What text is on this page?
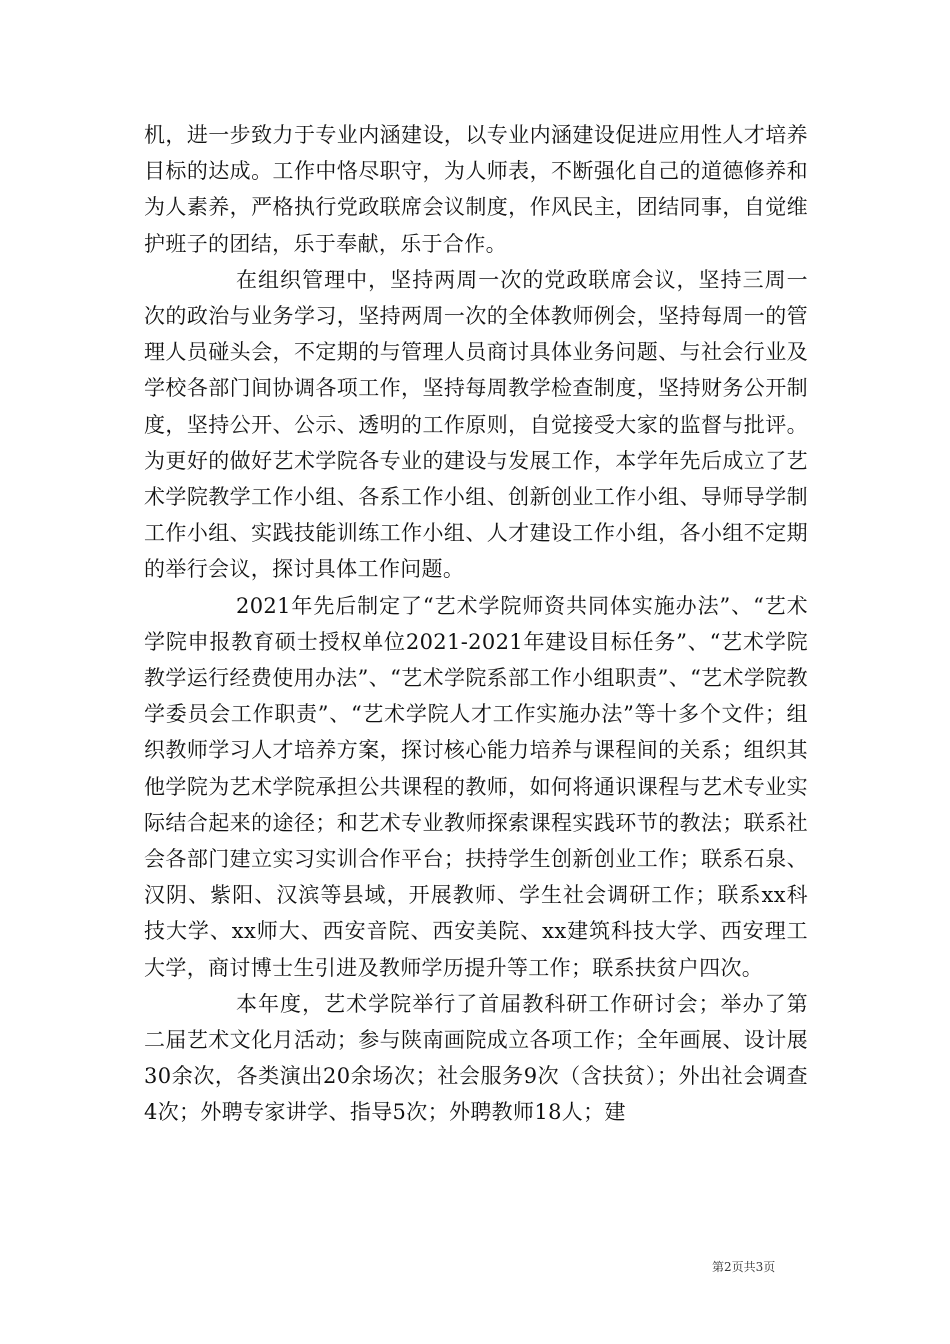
机，进一步致力于专业内涵建设，以专业内涵建设促进应用性人才培养目标的达成。工作中恪尽职守，为人师表，不断强化自己的道德修养和为人素养，严格执行党政联席会议制度，作风民主，团结同事，自觉维护班子的团结，乐于奉献，乐于合作。

在组织管理中，坚持两周一次的党政联席会议，坚持三周一次的政治与业务学习，坚持两周一次的全体教师例会，坚持每周一的管理人员碰头会，不定期的与管理人员商讨具体业务问题、与社会行业及学校各部门间协调各项工作，坚持每周教学检查制度，坚持财务公开制度，坚持公开、公示、透明的工作原则，自觉接受大家的监督与批评。为更好的做好艺术学院各专业的建设与发展工作，本学年先后成立了艺术学院教学工作小组、各系工作小组、创新创业工作小组、导师导学制工作小组、实践技能训练工作小组、人才建设工作小组，各小组不定期的举行会议，探讨具体工作问题。

2021年先后制定了“艺术学院师资共同体实施办法”、“艺术学院申报教育硕士授权单位2021-2021年建设目标任务”、“艺术学院教学运行经费使用办法”、“艺术学院系部工作小组职责”、“艺术学院教学委员会工作职责”、“艺术学院人才工作实施办法”等十多个文件；组织教师学习人才培养方案，探讨核心能力培养与课程间的关系；组织其他学院为艺术学院承担公共课程的教师，如何将通识课程与艺术专业实际结合起来的途径；和艺术专业教师探索课程实践环节的教法；联系社会各部门建立实习实训合作平台；扶持学生创新创业工作；联系石泉、汉阴、紫阳、汉滨等县域，开展教师、学生社会调研工作；联系xx科技大学、xx师大、西安音院、西安美院、xx建筑科技大学、西安理工大学，商讨博士生引进及教师学历提升等工作；联系扶贫户四次。

本年度，艺术学院举行了首届教科研工作研讨会；举办了第二届艺术文化月活动；参与陕南画院成立各项工作；全年画展、设计展30余次，各类演出20余场次；社会服务9次（含扶贫）；外出社会调查4次；外聘专家讲学、指导5次；外聘教师18人；建

第2页共3页
